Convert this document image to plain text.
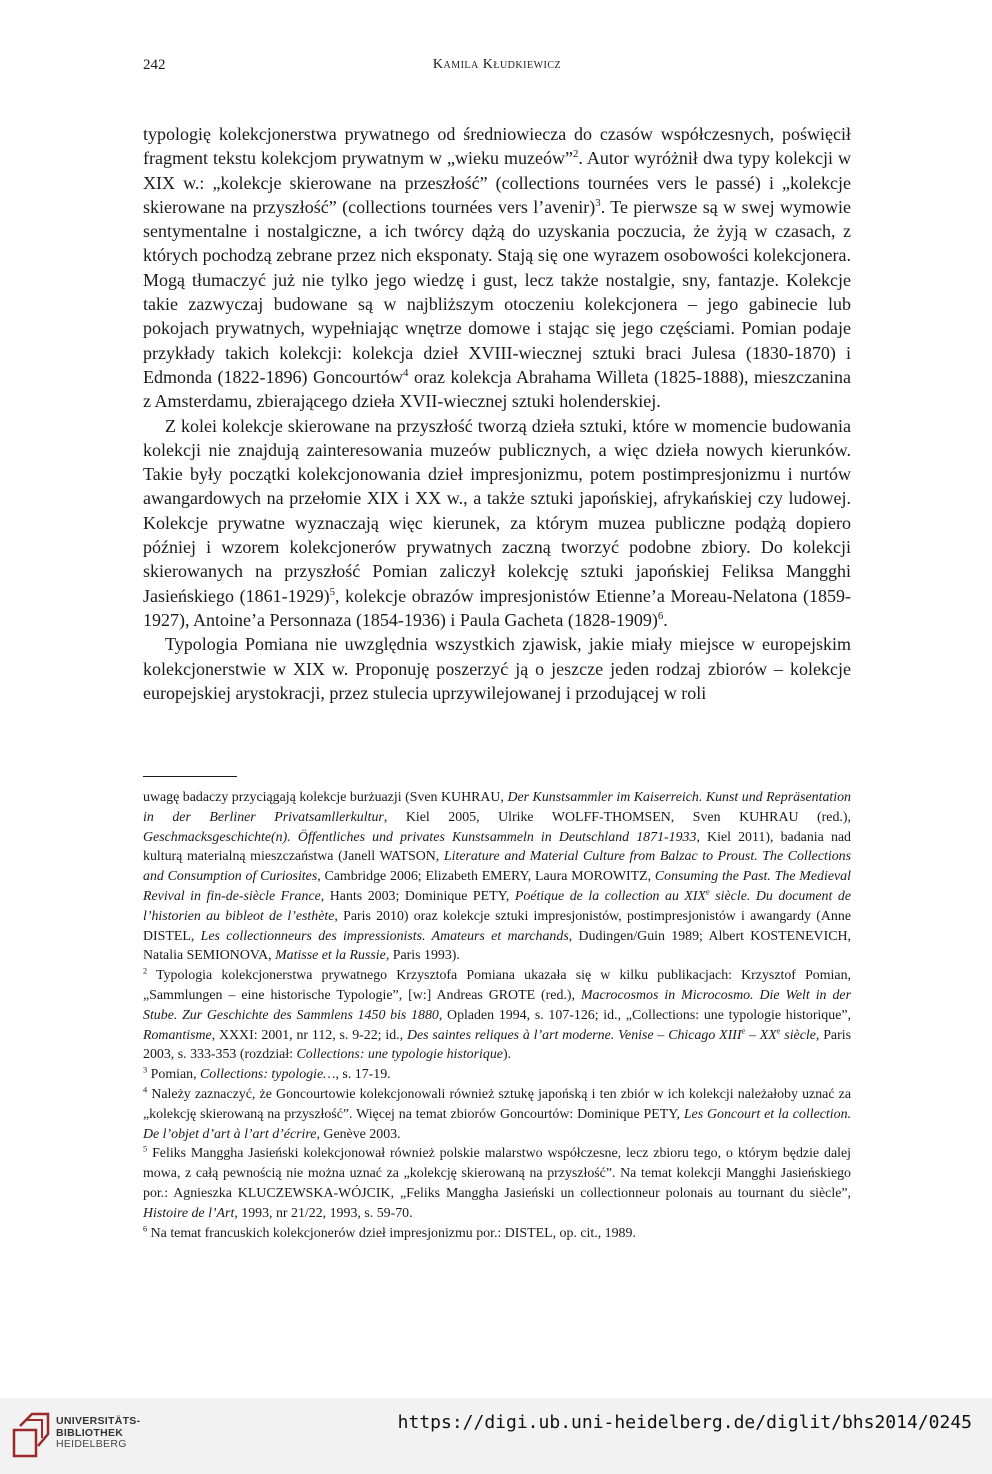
242	Kamila Kłudkiewicz

typologię kolekcjonerstwa prywatnego od średniowiecza do czasów współczesnych, poświęcił fragment tekstu kolekcjom prywatnym w „wieku muzeów”$^2$. Autor wyróżnił dwa typy kolekcji w XIX w.: „kolekcje skierowane na przeszłość” (collections tournées vers le passé) i „kolekcje skierowane na przyszłość” (collections tournées vers l’avenir)$^3$. Te pierwsze są w swej wymowie sentymentalne i nostalgiczne, a ich twórcy dążą do uzyskania poczucia, że żyją w czasach, z których pochodzą zebrane przez nich eksponaty. Stają się one wyrazem osobowości kolekcjonera. Mogą tłumaczyć już nie tylko jego wiedzę i gust, lecz także nostalgie, sny, fantazje. Kolekcje takie zazwyczaj budowane są w najbliższym otoczeniu kolekcjonera – jego gabinecie lub pokojach prywatnych, wypełniając wnętrze domowe i stając się jego częściami. Pomian podaje przykłady takich kolekcji: kolekcja dzieł XVIII-wiecznej sztuki braci Julesa (1830-1870) i Edmonda (1822-1896) Goncourtów$^4$ oraz kolekcja Abrahama Willeta (1825-1888), mieszczanina z Amsterdamu, zbierającego dzieła XVII-wiecznej sztuki holenderskiej.

Z kolei kolekcje skierowane na przyszłość tworzą dzieła sztuki, które w momencie budowania kolekcji nie znajdują zainteresowania muzeów publicznych, a więc dzieła nowych kierunków. Takie były początki kolekcjonowania dzieł impresjonizmu, potem postimpresjonizmu i nurtów awangardowych na przełomie XIX i XX w., a także sztuki japońskiej, afrykańskiej czy ludowej. Kolekcje prywatne wyznaczają więc kierunek, za którym muzea publiczne podążą dopiero później i wzorem kolekcjonerów prywatnych zaczną tworzyć podobne zbiory. Do kolekcji skierowanych na przyszłość Pomian zaliczył kolekcję sztuki japońskiej Feliksa Mangghi Jasieńskiego (1861-1929)$^5$, kolekcje obrazów impresjonistów Etienne’a Moreau-Nelatona (1859-1927), Antoine’a Personnaza (1854-1936) i Paula Gacheta (1828-1909)$^6$.

Typologia Pomiana nie uwzględnia wszystkich zjawisk, jakie miały miejsce w europejskim kolekcjonerstwie w XIX w. Proponuję poszerzyć ją o jeszcze jeden rodzaj zbiorów – kolekcje europejskiej arystokracji, przez stulecia uprzywilejowanej i przodującej w roli

uwagę badaczy przyciągają kolekcje burżuazji (Sven KUHRAU, Der Kunstsammler im Kaiserreich. Kunst und Repräsentation in der Berliner Privatsamllerkultur, Kiel 2005, Ulrike WOLFF-THOMSEN, Sven KUHRAU (red.), Geschmacksgeschichte(n). Öffentliches und privates Kunstsammeln in Deutschland 1871-1933, Kiel 2011), badania nad kulturą materialną mieszczaństwa (Janell WATSON, Literature and Material Culture from Balzac to Proust. The Collections and Consumption of Curiosites, Cambridge 2006; Elizabeth EMERY, Laura MOROWITZ, Consuming the Past. The Medieval Revival in fin-de-siècle France, Hants 2003; Dominique PETY, Poétique de la collection au XIXe siècle. Du document de l’historien au bibleot de l’esthète, Paris 2010) oraz kolekcje sztuki impresjonistów, postimpresjonistów i awangardy (Anne DISTEL, Les collectionneurs des impressionists. Amateurs et marchands, Dudingen/Guin 1989; Albert KOSTENEVICH, Natalia SEMIONOVA, Matisse et la Russie, Paris 1993).

$^2$ Typologia kolekcjonerstwa prywatnego Krzysztofa Pomiana ukazała się w kilku publikacjach: Krzysztof Pomian, „Sammlungen – eine historische Typologie”, [w:] Andreas GROTE (red.), Macrocosmos in Microcosmo. Die Welt in der Stube. Zur Geschichte des Sammlens 1450 bis 1880, Opladen 1994, s. 107-126; id., „Collections: une typologie historique”, Romantisme, XXXI: 2001, nr 112, s. 9-22; id., Des saintes reliques à l’art moderne. Venise – Chicago XIIIe – XXe siècle, Paris 2003, s. 333-353 (rozdział: Collections: une typologie historique).

$^3$ Pomian, Collections: typologie…, s. 17-19.

$^4$ Należy zaznaczyć, że Goncourtowie kolekcjonowali również sztukę japońską i ten zbiór w ich kolekcji należałoby uznać za „kolekcję skierowaną na przyszłość”. Więcej na temat zbiorów Goncourtów: Dominique PETY, Les Goncourt et la collection. De l’objet d’art à l’art d’écrire, Genève 2003.

$^5$ Feliks Manggha Jasieński kolekcjonował również polskie malarstwo współczesne, lecz zbioru tego, o którym będzie dalej mowa, z całą pewnością nie można uznać za „kolekcję skierowaną na przyszłość”. Na temat kolekcji Mangghi Jasieńskiego por.: Agnieszka KLUCZEWSKA-WÓJCIK, „Feliks Manggha Jasieński un collectionneur polonais au tournant du siècle”, Histoire de l’Art, 1993, nr 21/22, 1993, s. 59-70.

$^6$ Na temat francuskich kolekcjonerów dzieł impresjonizmu por.: DISTEL, op. cit., 1989.

UNIVERSITÄTS-
BIBLIOTHEK
HEIDELBERG
https://digi.ub.uni-heidelberg.de/diglit/bhs2014/0245
